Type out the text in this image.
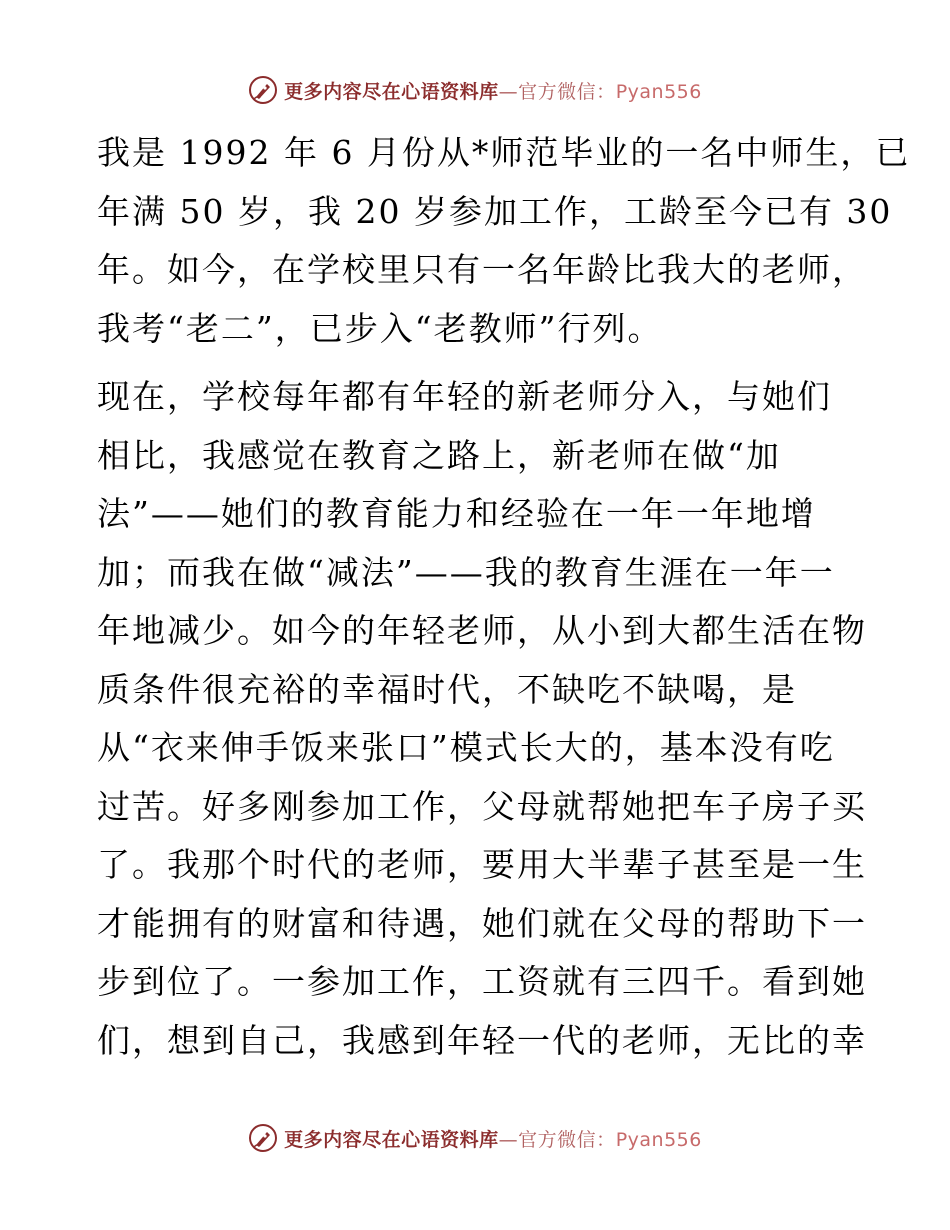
更多内容尽在心语资料库—官方微信：Pyan556
我是 1992 年 6 月份从*师范毕业的一名中师生，已
年满 50 岁，我 20 岁参加工作，工龄至今已有 30
年。如今，在学校里只有一名年龄比我大的老师，
我考“老二”，已步入“老教师”行列。
现在，学校每年都有年轻的新老师分入，与她们
相比，我感觉在教育之路上，新老师在做“加
法”——她们的教育能力和经验在一年一年地增
加；而我在做“减法”——我的教育生涯在一年一
年地减少。如今的年轻老师，从小到大都生活在物
质条件很充裕的幸福时代，不缺吃不缺喝，是
从“衣来伸手饭来张口”模式长大的，基本没有吃
过苦。好多刚参加工作，父母就帮她把车子房子买
了。我那个时代的老师，要用大半辈子甚至是一生
才能拥有的财富和待遇，她们就在父母的帮助下一
步到位了。一参加工作，工资就有三四千。看到她
们，想到自己，我感到年轻一代的老师，无比的幸
更多内容尽在心语资料库—官方微信：Pyan556
